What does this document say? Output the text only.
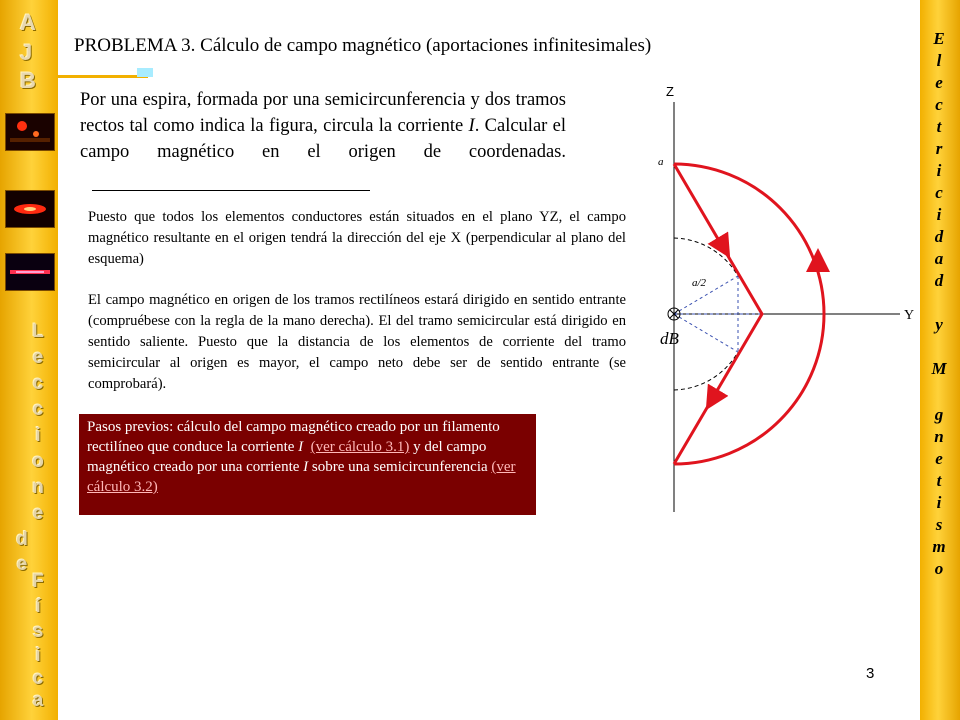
A
J
B
L
e
c
c
i
o
n
e
d
e
F
í
s
i
c
a
E
l
e
c
t
r
i
c
i
d
a
d
y
M
g
n
e
t
i
s
m
o
PROBLEMA 3. Cálculo de campo magnético (aportaciones infinitesimales)
Por una espira, formada por una semicircunferencia y dos tramos rectos tal como indica la figura, circula la corriente I. Calcular el campo magnético en el origen de coordenadas.
Puesto que todos los elementos conductores están situados en el plano YZ, el campo magnético resultante en el origen tendrá la dirección del eje X (perpendicular al plano del esquema)
El campo magnético en origen de los tramos rectilíneos estará dirigido en sentido entrante (compruébese con la regla de la mano derecha). El del tramo semicircular está dirigido en sentido saliente. Puesto que la distancia de los elementos de corriente del tramo semicircular al origen es mayor, el campo neto debe ser de sentido entrante (se comprobará).
Pasos previos: cálculo del campo magnético creado por un filamento rectilíneo que conduce la corriente I (ver cálculo 3.1) y del campo magnético creado por una corriente I sobre una semicircunferencia (ver cálculo 3.2)
Z
Y
a
a/2
dB
3
